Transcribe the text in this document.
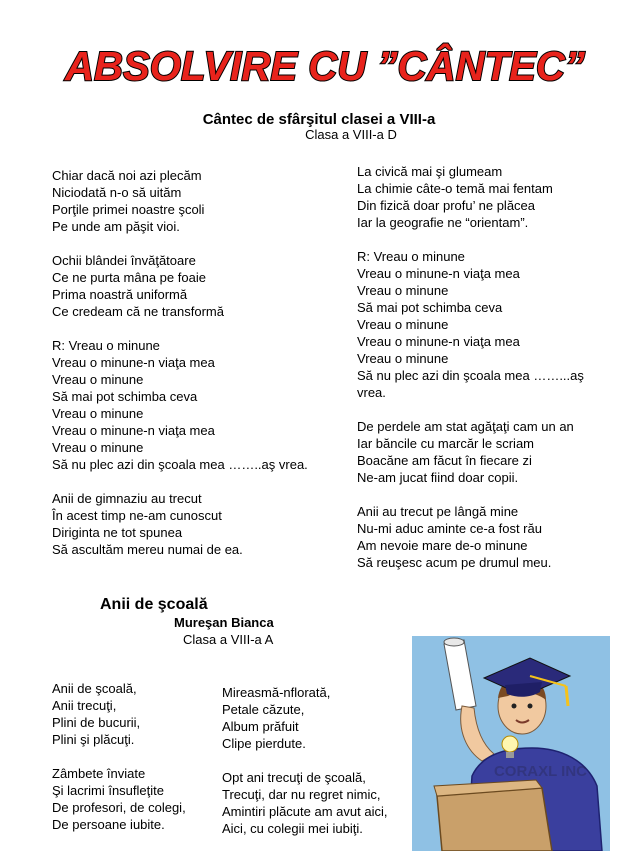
ABSOLVIRE CU ”CÂNTEC”
Cântec de sfârşitul clasei a VIII-a
Clasa a VIII-a D
Chiar dacă noi azi plecăm
Niciodată n-o să uităm
Porţile primei noastre şcoli
Pe unde am păşit vioi.
Ochii blândei învăţătoare
Ce ne purta mâna pe foaie
Prima noastră uniformă
Ce credeam că ne transformă
R: Vreau o minune
Vreau o minune-n viaţa mea
Vreau o minune
Să mai pot schimba ceva
Vreau o minune
Vreau o minune-n viaţa mea
Vreau o minune
Să nu plec azi din şcoala mea ……..aş vrea.
Anii de gimnaziu au trecut
În acest timp ne-am cunoscut
Diriginta ne tot spunea
Să ascultăm mereu numai de ea.
La civică mai şi glumeam
La chimie câte-o temă mai fentam
Din fizică doar profu’ ne plăcea
Iar la geografie ne “orientam”.
R: Vreau o minune
Vreau o minune-n viaţa mea
Vreau o minune
Să mai pot schimba ceva
Vreau o minune
Vreau o minune-n viaţa mea
Vreau o minune
Să nu plec azi din şcoala mea ……...aş vrea.
De perdele am stat agăţaţi cam un an
Iar băncile cu marcăr le scriam
Boacăne am făcut în fiecare zi
Ne-am jucat fiind doar copii.
Anii au trecut pe lângă mine
Nu-mi aduc aminte ce-a fost rău
Am nevoie mare de-o minune
Să reuşesc acum pe drumul meu.
Anii de şcoală
Mureşan Bianca
Clasa a VIII-a A
Anii de şcoală,
Anii trecuţi,
Plini de bucurii,
Plini şi plăcuţi.
Zâmbete înviate
Şi lacrimi însufleţite
De profesori, de colegi,
De persoane iubite.
Mireasmă-nflorată,
Petale căzute,
Album prăfuit
Clipe pierdute.
Opt ani trecuţi de şcoală,
Trecuţi, dar nu regret nimic,
Amintiri plăcute am avut aici,
Aici, cu colegii mei iubiţi.
CORAXL INC
